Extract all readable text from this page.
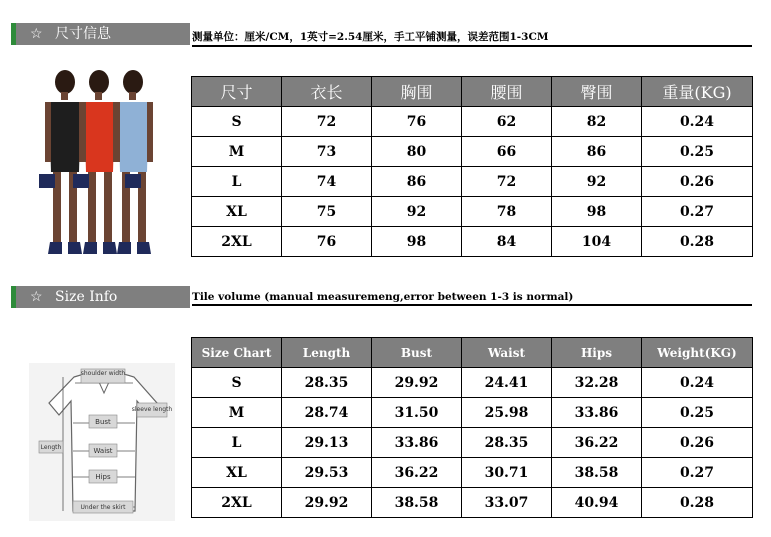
☆ 尺寸信息	测量单位：厘米/CM，1英寸=2.54厘米，手工平铺测量，误差范围1-3CM
尺寸	衣长	胸围	腰围	臀围	重量(KG)
S	72	76	62	82	0.24
M	73	80	66	86	0.25
L	74	86	72	92	0.26
XL	75	92	78	98	0.27
2XL	76	98	84	104	0.28
☆ Size Info	Tile volume (manual measuremeng,error between 1-3 is normal)
shoulder width
sleeve length
Length
Bust
Waist
Hips
Under the skirt
Size Chart	Length	Bust	Waist	Hips	Weight(KG)
S	28.35	29.92	24.41	32.28	0.24
M	28.74	31.50	25.98	33.86	0.25
L	29.13	33.86	28.35	36.22	0.26
XL	29.53	36.22	30.71	38.58	0.27
2XL	29.92	38.58	33.07	40.94	0.28
